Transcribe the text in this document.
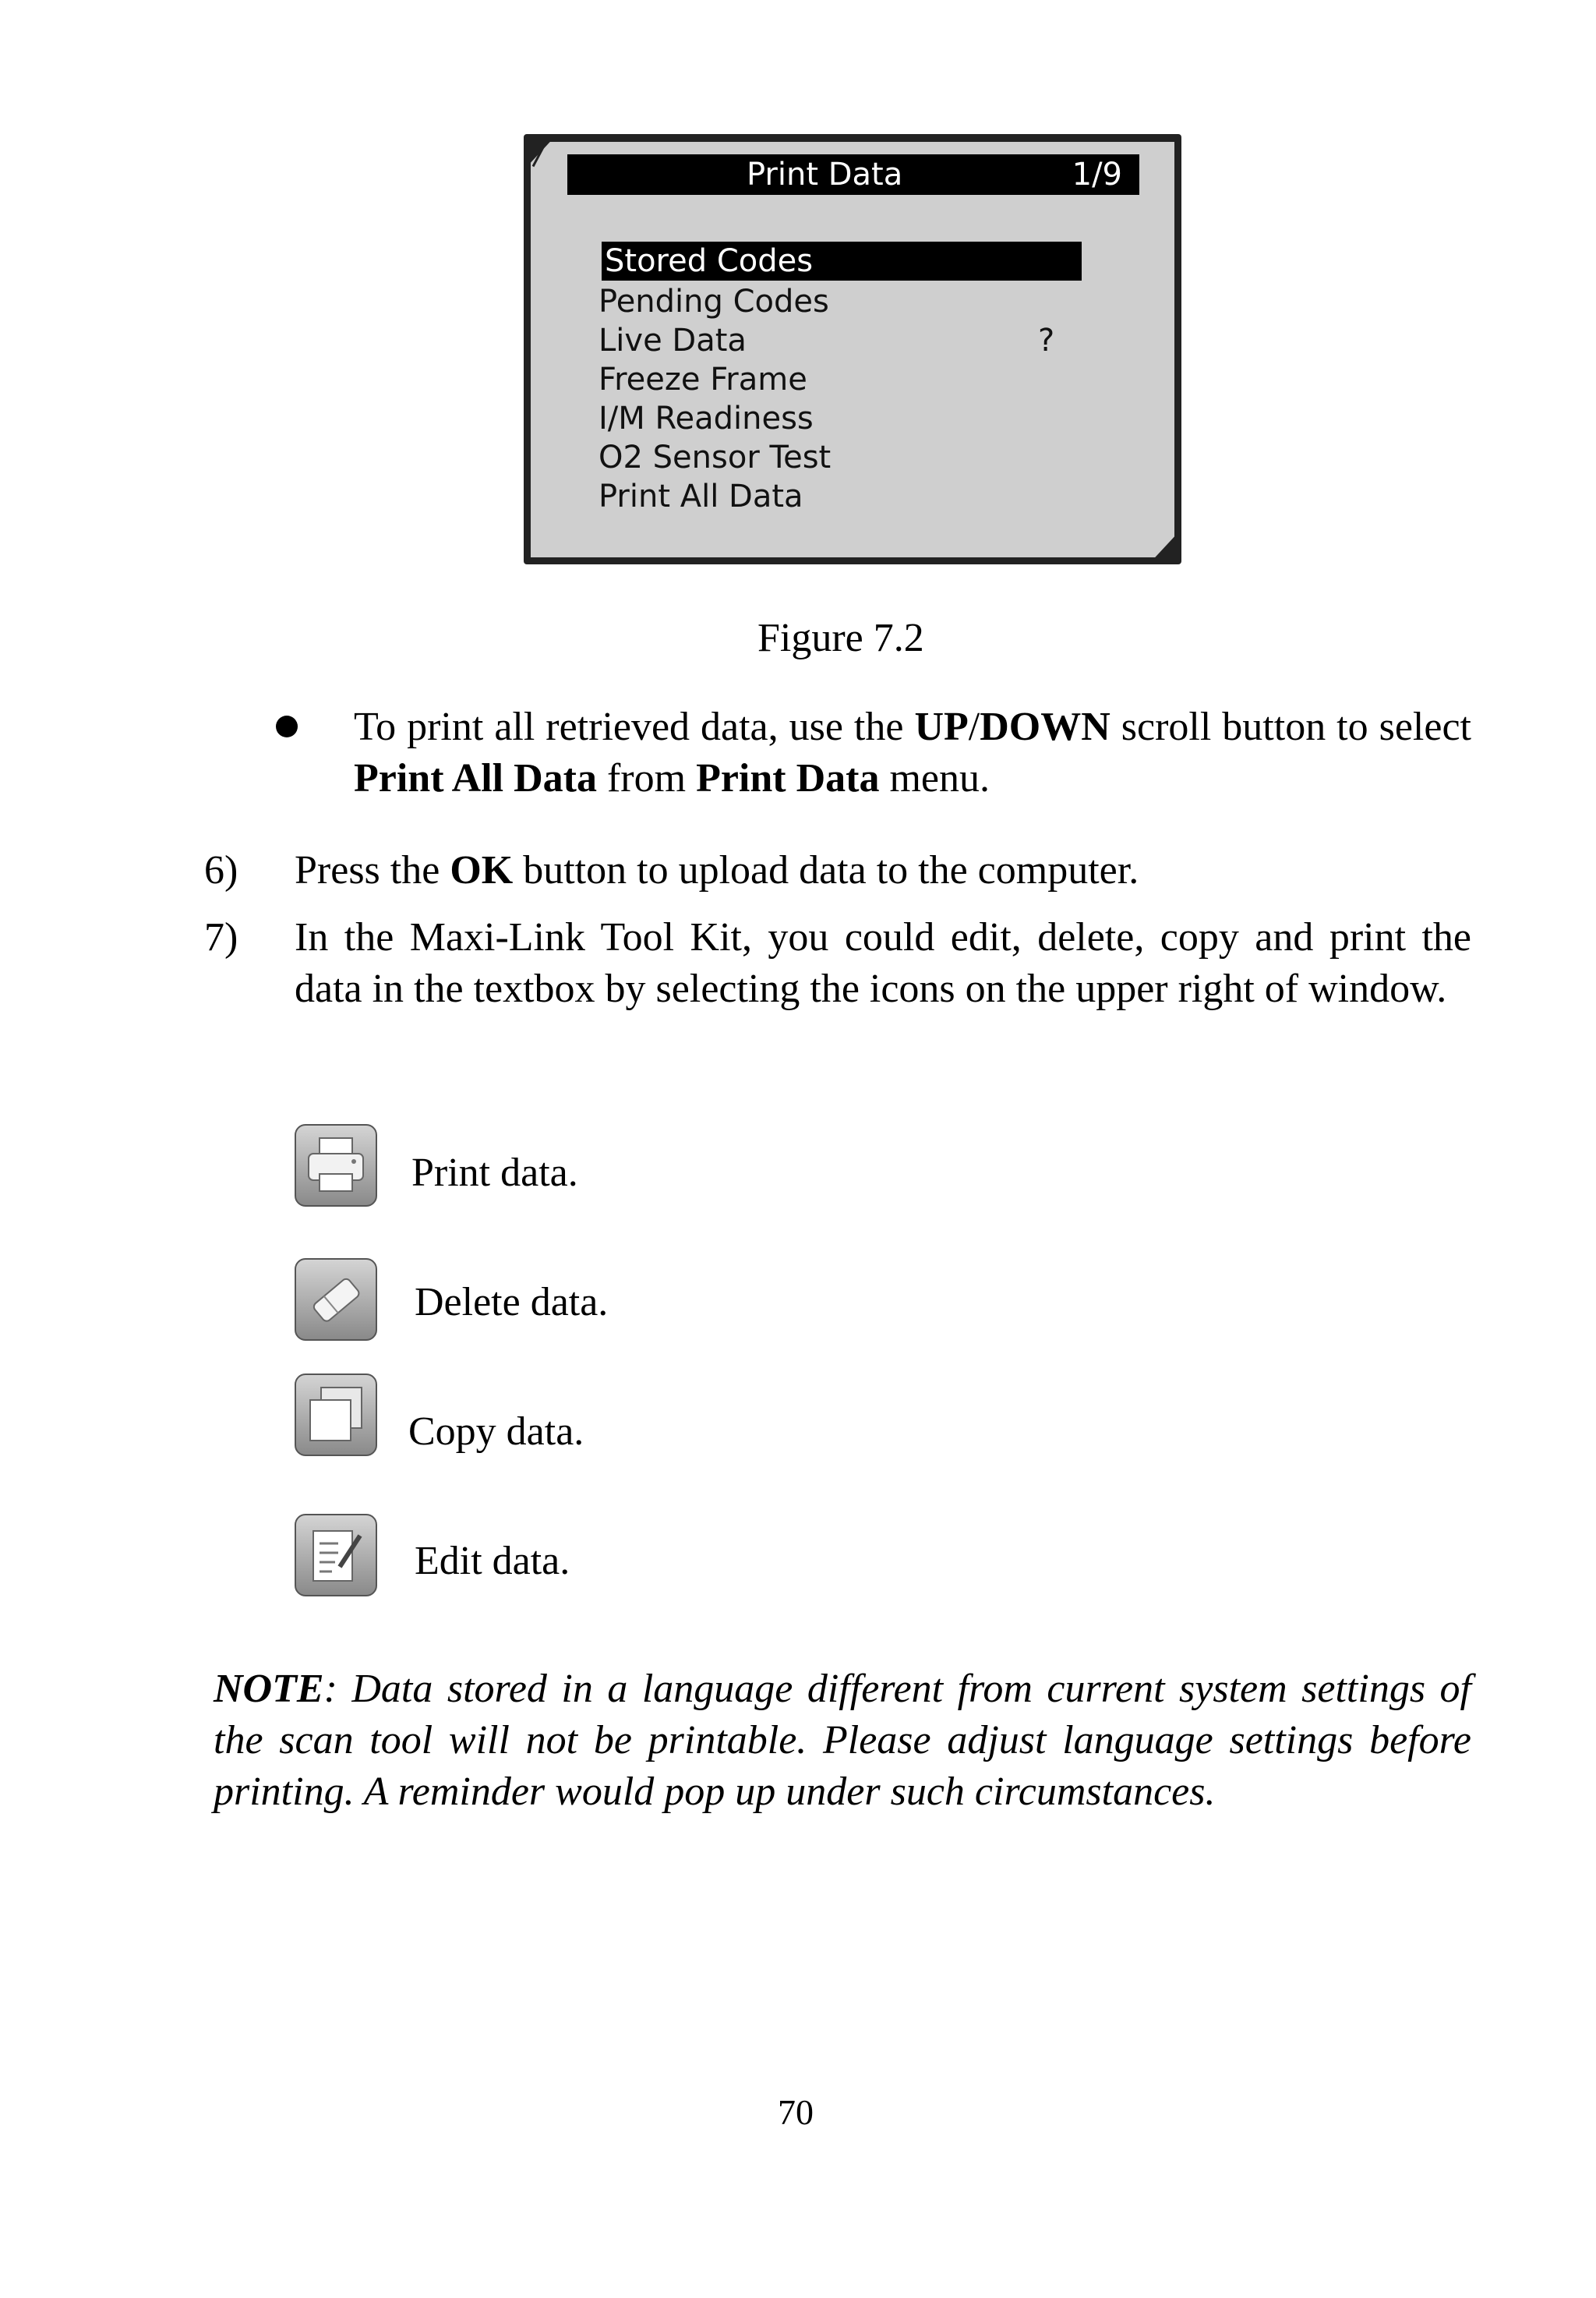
Print Data	1/9
Stored Codes
Pending Codes
Live Data
Freeze Frame
I/M Readiness
O2 Sensor Test
Print All Data
?
Figure 7.2
To print all retrieved data, use the UP/DOWN scroll button to select Print All Data from Print Data menu.
6) Press the OK button to upload data to the computer.
7) In the Maxi-Link Tool Kit, you could edit, delete, copy and print the data in the textbox by selecting the icons on the upper right of window.
Print data.
Delete data.
Copy data.
Edit data.
NOTE: Data stored in a language different from current system settings of the scan tool will not be printable. Please adjust language settings before printing. A reminder would pop up under such circumstances.
70
